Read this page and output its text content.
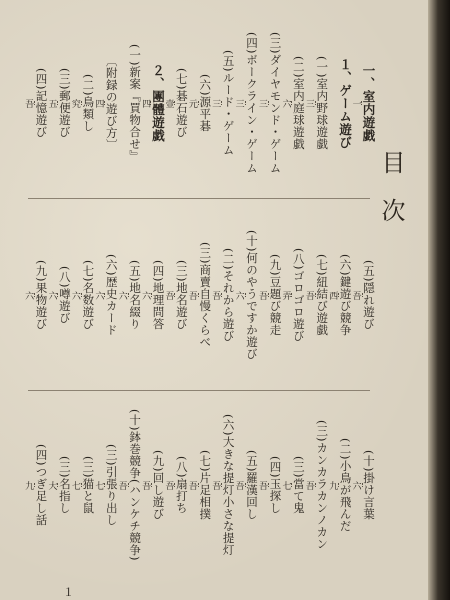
目次
一、室内遊戯
一
１、ゲーム遊び
(一)室内野球遊戯
三
(二)室内庭球遊戯
六
(三)ダイヤモンド・ゲーム
三
(四)ボークライン・ゲーム
三
(五)ルード・ゲーム
三
(六)源平碁
元
(七)碁石遊び
壹
２、團體遊戯
四
(一)新案『買物合せ』
〔附録の遊び方〕
四
(二)鳥類し
究
(三)郵便遊び
五
(四)記憶遊び
吾
(五)隠れ遊び
吾
(六)鍵遊び競争
西
(七)紐結び遊戯
吾
(八)ゴロゴロ遊び
弄
(九)豆題び競走
吾
(十)何のやうですか遊び
六
(二)それから遊び
吾
(三)商賣自慢くらべ
吾
(三)地名遊び
吾
(四)地理問答
六
(五)地名綴り
六
(六)歴史カード
六
(七)名数遊び
六
(八)噂遊び
六
(九)果物遊び
六
(十)掛け言葉
六
(二)小鳥が飛んだ
九
(三)カンカラカンノカン
吾
(三)當て鬼
七
(四)玉探し
吾
(五)羅漢回し
吾
(六)大きな提灯小さな提灯
吾
(七)片足相撲
吾
(八)扇打ち
吾
(九)回し遊び
吾
(十)鉢巻競争(ハンケチ競争)
吾
(三)引張り出し
七
(三)猫と鼠
七
(三)名指し
大
(四)つぎ足し話
九
１
